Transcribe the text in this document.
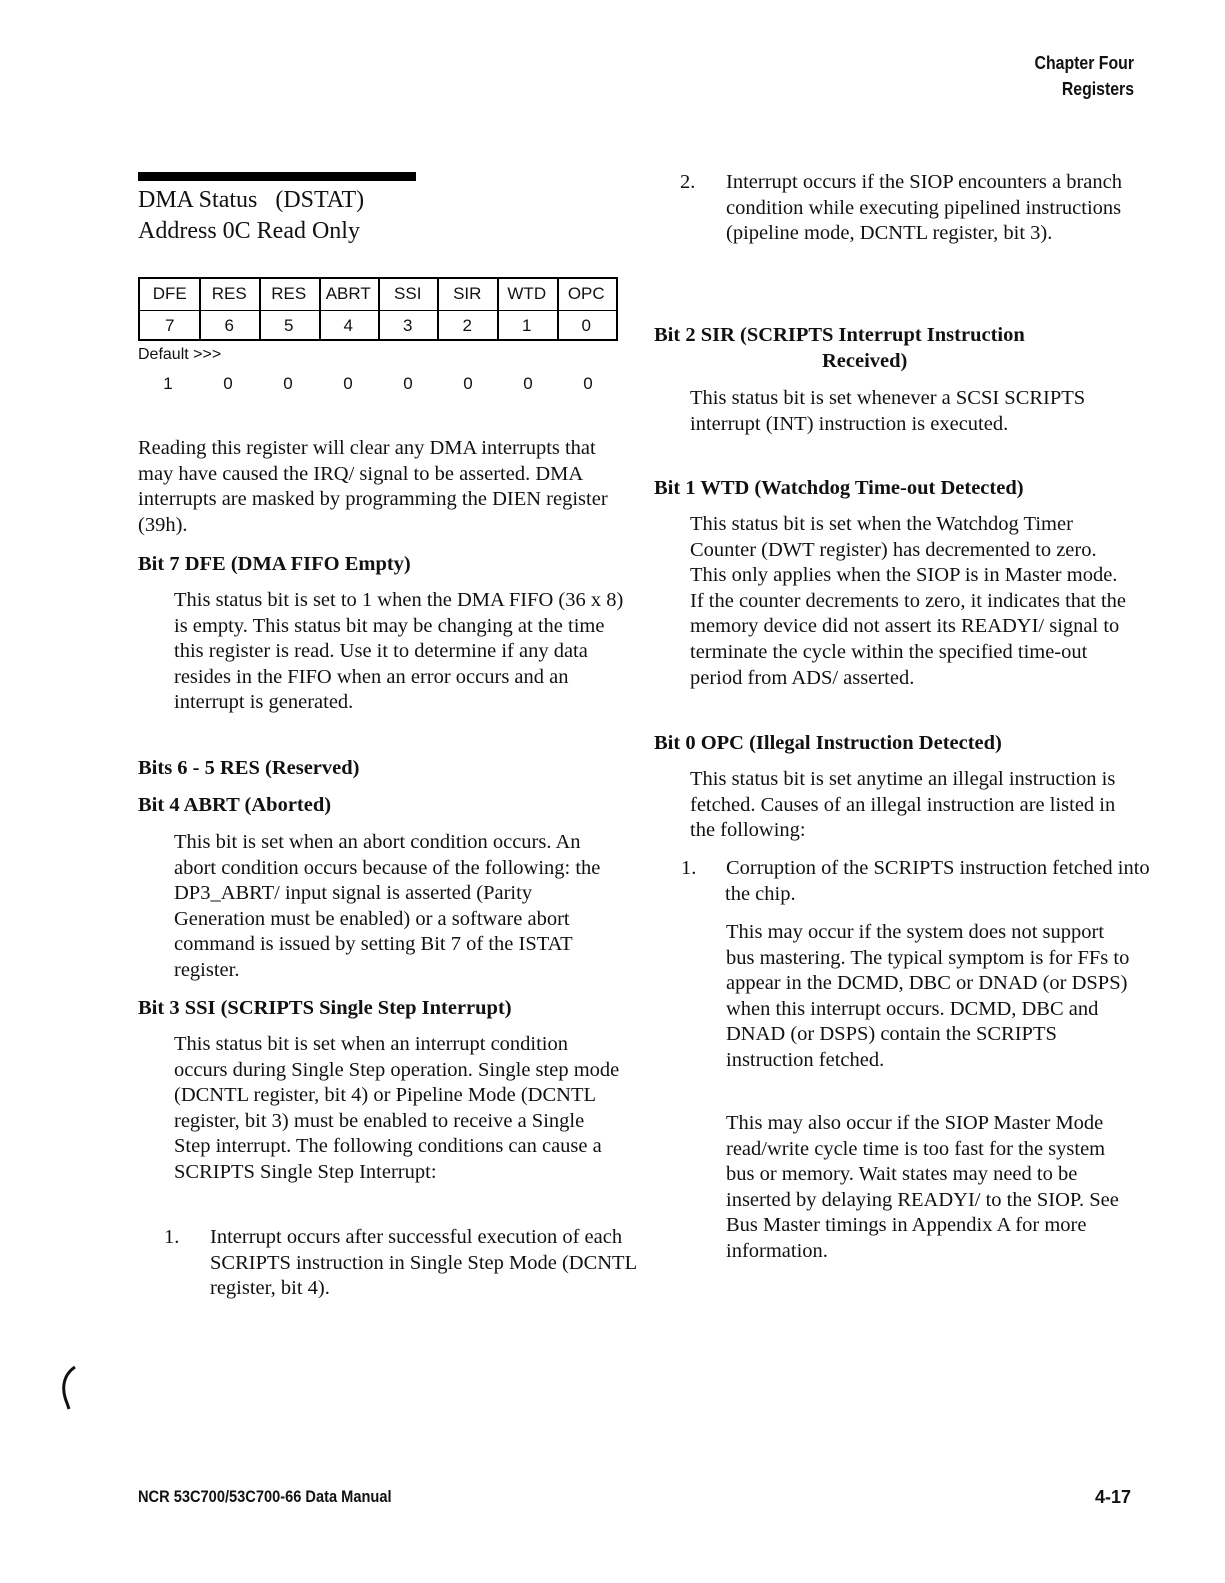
Chapter Four
Registers
DMA Status   (DSTAT)
Address 0C Read Only
DFE	RES	RES	ABRT	SSI	SIR	WTD	OPC
7	6	5	4	3	2	1	0
Default >>>
1	0	0	0	0	0	0	0

Reading this register will clear any DMA interrupts that may have caused the IRQ/ signal to be asserted. DMA interrupts are masked by programming the DIEN register (39h).

Bit 7 DFE (DMA FIFO Empty)

This status bit is set to 1 when the DMA FIFO (36 x 8) is empty. This status bit may be changing at the time this register is read. Use it to determine if any data resides in the FIFO when an error occurs and an interrupt is generated.

Bits 6 - 5 RES (Reserved)

Bit 4 ABRT (Aborted)

This bit is set when an abort condition occurs. An abort condition occurs because of the following: the DP3_ABRT/ input signal is asserted (Parity Generation must be enabled) or a software abort command is issued by setting Bit 7 of the ISTAT register.

Bit 3 SSI (SCRIPTS Single Step Interrupt)

This status bit is set when an interrupt condition occurs during Single Step operation. Single step mode (DCNTL register, bit 4) or Pipeline Mode (DCNTL register, bit 3) must be enabled to receive a Single Step interrupt. The following conditions can cause a SCRIPTS Single Step Interrupt:

1. Interrupt occurs after successful execution of each SCRIPTS instruction in Single Step Mode (DCNTL register, bit 4).

2. Interrupt occurs if the SIOP encounters a branch condition while executing pipelined instructions (pipeline mode, DCNTL register, bit 3).

Bit 2 SIR (SCRIPTS Interrupt Instruction
Received)

This status bit is set whenever a SCSI SCRIPTS interrupt (INT) instruction is executed.

Bit 1 WTD (Watchdog Time-out Detected)

This status bit is set when the Watchdog Timer Counter (DWT register) has decremented to zero. This only applies when the SIOP is in Master mode. If the counter decrements to zero, it indicates that the memory device did not assert its READYI/ signal to terminate the cycle within the specified time-out period from ADS/ asserted.

Bit 0 OPC (Illegal Instruction Detected)

This status bit is set anytime an illegal instruction is fetched. Causes of an illegal instruction are listed in the following:

1. Corruption of the SCRIPTS instruction fetched into the chip.

This may occur if the system does not support bus mastering. The typical symptom is for FFs to appear in the DCMD, DBC or DNAD (or DSPS) when this interrupt occurs. DCMD, DBC and DNAD (or DSPS) contain the SCRIPTS instruction fetched.

This may also occur if the SIOP Master Mode read/write cycle time is too fast for the system bus or memory. Wait states may need to be inserted by delaying READYI/ to the SIOP. See Bus Master timings in Appendix A for more information.

NCR 53C700/53C700-66 Data Manual	4-17
